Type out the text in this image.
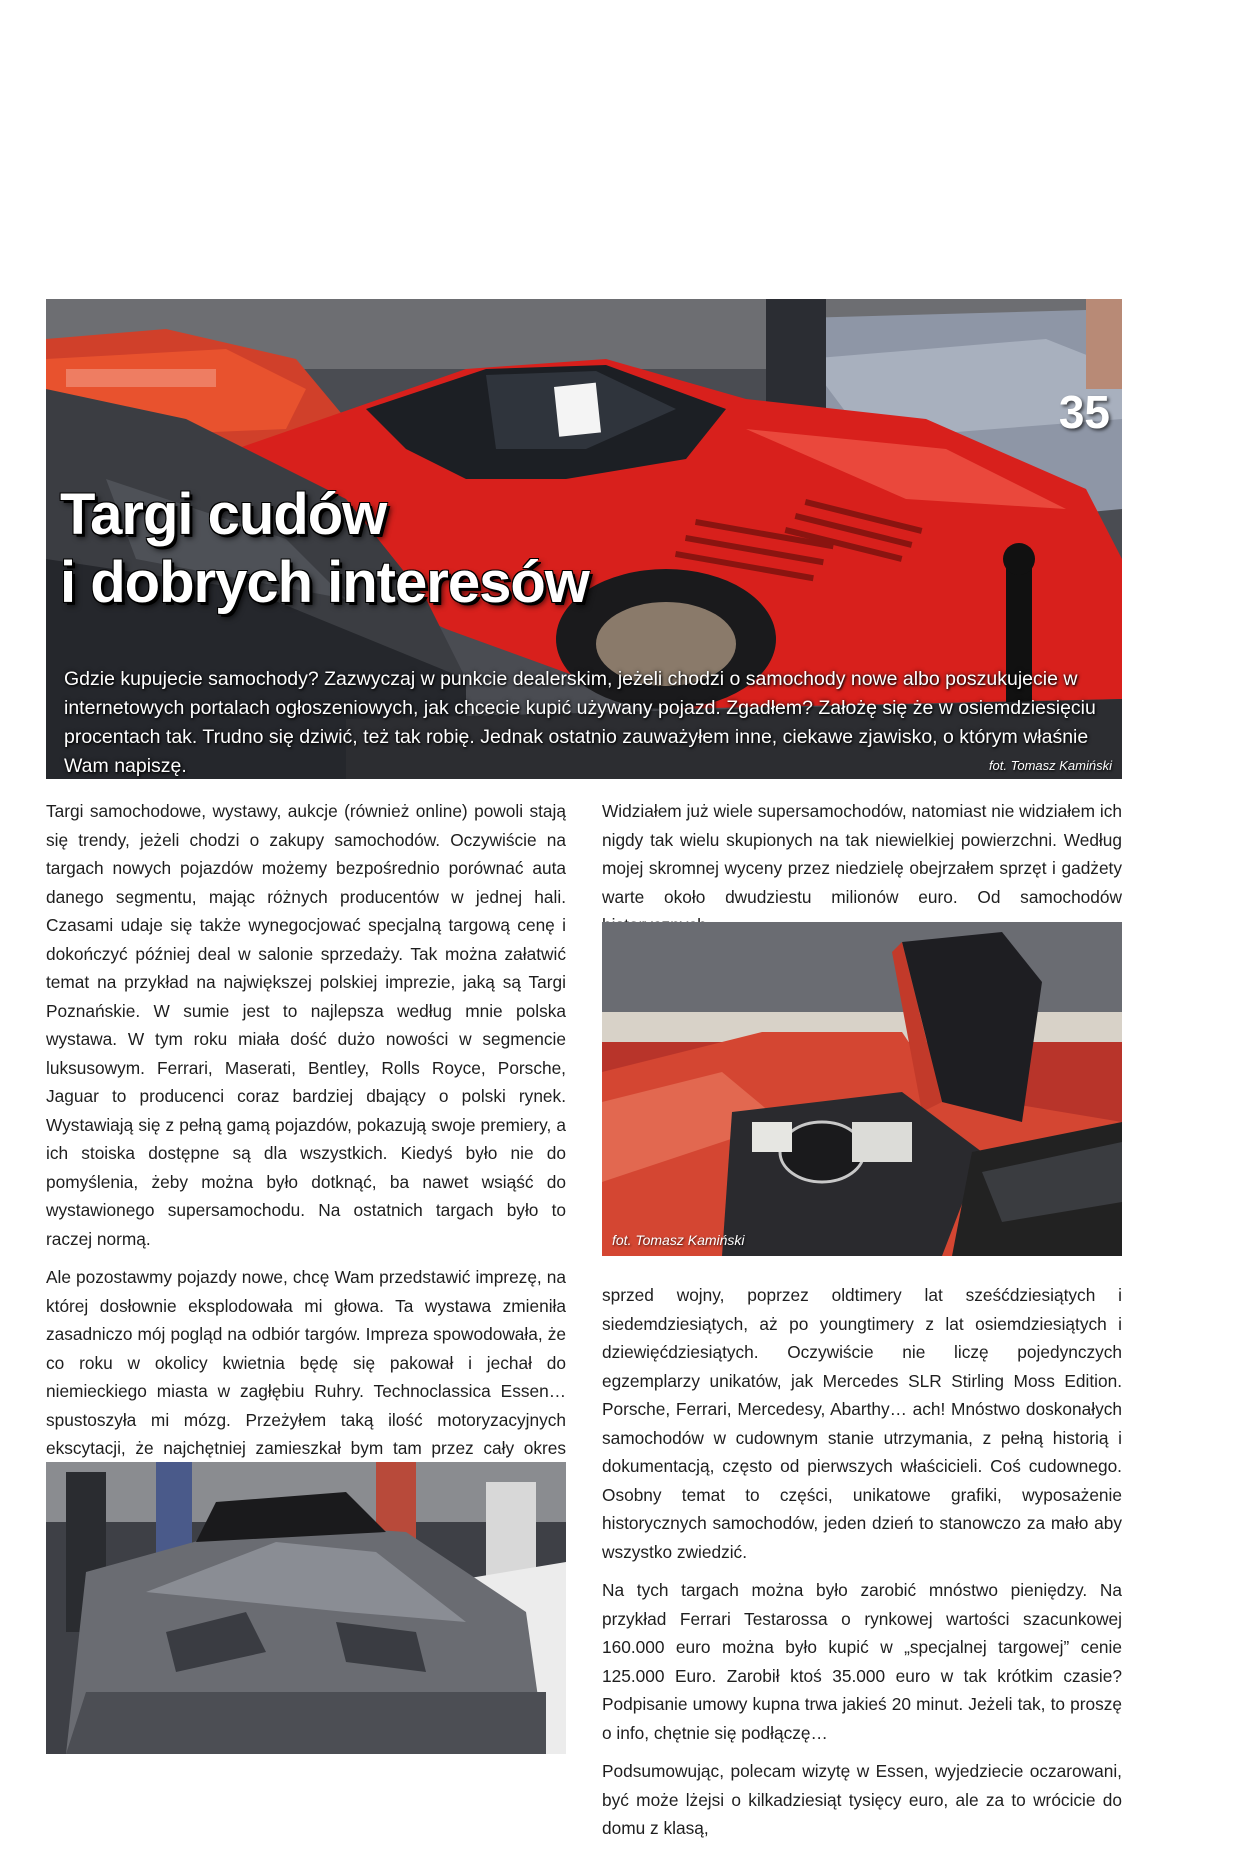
35
Targi cudów
i dobrych interesów

Gdzie kupujecie samochody? Zazwyczaj w punkcie dealerskim, jeżeli chodzi o samochody nowe albo poszukujecie w internetowych portalach ogłoszeniowych, jak chcecie kupić używany pojazd. Zgadłem? Założę się że w osiemdziesięciu procentach tak. Trudno się dziwić, też tak robię. Jednak ostatnio zauważyłem inne, ciekawe zjawisko, o którym właśnie Wam napiszę.	fot. Tomasz Kamiński

Targi samochodowe, wystawy, aukcje (również online) powoli stają się trendy, jeżeli chodzi o zakupy samochodów. Oczywiście na targach nowych pojazdów możemy bezpośrednio porównać auta danego segmentu, mając różnych producentów w jednej hali. Czasami udaje się także wynegocjować specjalną targową cenę i dokończyć później deal w salonie sprzedaży. Tak można załatwić temat na przykład na największej polskiej imprezie, jaką są Targi Poznańskie. W sumie jest to najlepsza według mnie polska wystawa. W tym roku miała dość dużo nowości w segmencie luksusowym. Ferrari, Maserati, Bentley, Rolls Royce, Porsche, Jaguar to producenci coraz bardziej dbający o polski rynek. Wystawiają się z pełną gamą pojazdów, pokazują swoje premiery, a ich stoiska dostępne są dla wszystkich. Kiedyś było nie do pomyślenia, żeby można było dotknąć, ba nawet wsiąść do wystawionego supersamochodu. Na ostatnich targach było to raczej normą.

Ale pozostawmy pojazdy nowe, chcę Wam przedstawić imprezę, na której dosłownie eksplodowała mi głowa. Ta wystawa zmieniła zasadniczo mój pogląd na odbiór targów. Impreza spowodowała, że co roku w okolicy kwietnia będę się pakował i jechał do niemieckiego miasta w zagłębiu Ruhry. Technoclassica Essen…spustoszyła mi mózg. Przeżyłem taką ilość motoryzacyjnych ekscytacji, że najchętniej zamieszkał bym tam przez cały okres

Widziałem już wiele supersamochodów, natomiast nie widziałem ich nigdy tak wielu skupionych na tak niewielkiej powierzchni. Według mojej skromnej wyceny przez niedzielę obejrzałem sprzęt i gadżety warte około dwudziestu milionów euro. Od samochodów

fot. Tomasz Kamiński

sprzed wojny, poprzez oldtimery lat sześćdziesiątych i siedemdziesiątych, aż po youngtimery z lat osiemdziesiątych i dziewięćdziesiątych. Oczywiście nie liczę pojedynczych egzemplarzy unikatów, jak Mercedes SLR Stirling Moss Edition. Porsche, Ferrari, Mercedesy, Abarthy… ach! Mnóstwo doskonałych samochodów w cudownym stanie utrzymania, z pełną historią i dokumentacją, często od pierwszych właścicieli. Coś cudownego. Osobny temat to części, unikatowe grafiki, wyposażenie historycznych samochodów, jeden dzień to stanowczo za mało aby wszystko zwiedzić.

Na tych targach można było zarobić mnóstwo pieniędzy. Na przykład Ferrari Testarossa o rynkowej wartości szacunkowej 160.000 euro można było kupić w „specjalnej targowej” cenie 125.000 Euro. Zarobił ktoś 35.000 euro w tak krótkim czasie? Podpisanie umowy kupna trwa jakieś 20 minut. Jeżeli tak, to proszę o info, chętnie się podłączę…

Podsumowując, polecam wizytę w Essen, wyjedziecie oczarowani, być może lżejsi o kilkadziesiąt tysięcy euro, ale za to wrócicie do domu z klasą,
